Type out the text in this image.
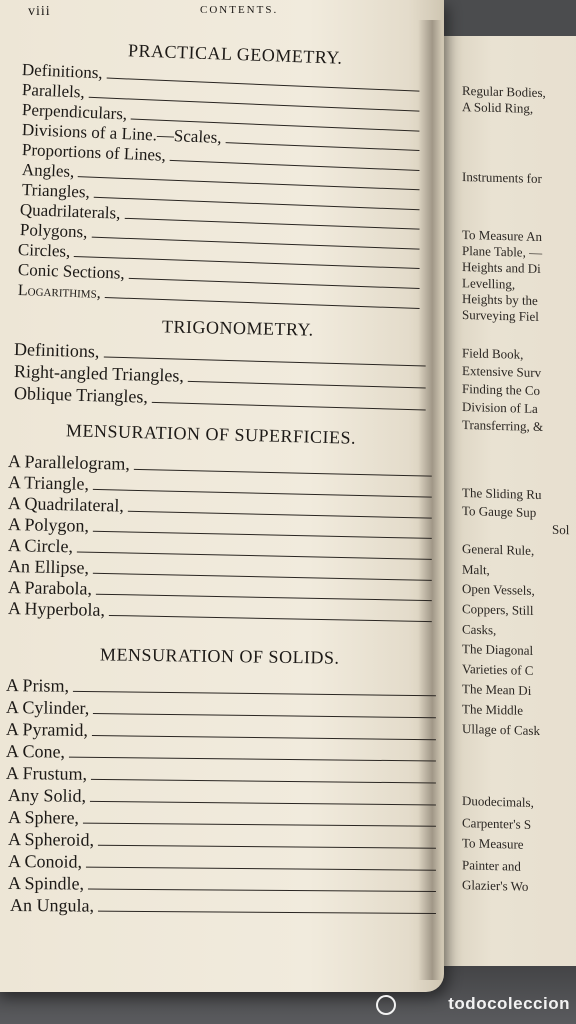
viii	CONTENTS.
PRACTICAL GEOMETRY.
TRIGONOMETRY.
MENSURATION OF SUPERFICIES.
MENSURATION OF SOLIDS.
Definitions,
Parallels,
Perpendiculars,
Divisions of a Line.—Scales,
Proportions of Lines,
Angles,
Triangles,
Quadrilaterals,
Polygons,
Circles,
Conic Sections,
Logarithims,
Definitions,
Right-angled Triangles,
Oblique Triangles,
A Parallelogram,
A Triangle,
A Quadrilateral,
A Polygon,
A Circle,
An Ellipse,
A Parabola,
A Hyperbola,
A Prism,
A Cylinder,
A Pyramid,
A Cone,
A Frustum,
Any Solid,
A Sphere,
A Spheroid,
A Conoid,
A Spindle,
An Ungula,
Regular Bodies,
A Solid Ring,
Instruments for
To Measure An
Plane Table, —
Heights and Di
Levelling,
Heights by the
Surveying Fiel
Field Book,
Extensive Surv
Finding the Co
Division of La
Transferring, &
The Sliding Ru
To Gauge Sup
Sol
General Rule,
Malt,
Open Vessels,
Coppers, Still
Casks,
The Diagonal
Varieties of C
The Mean Di
The Middle
Ullage of Cask
Duodecimals,
Carpenter's S
To Measure
Painter and
Glazier's Wo
todocoleccion
